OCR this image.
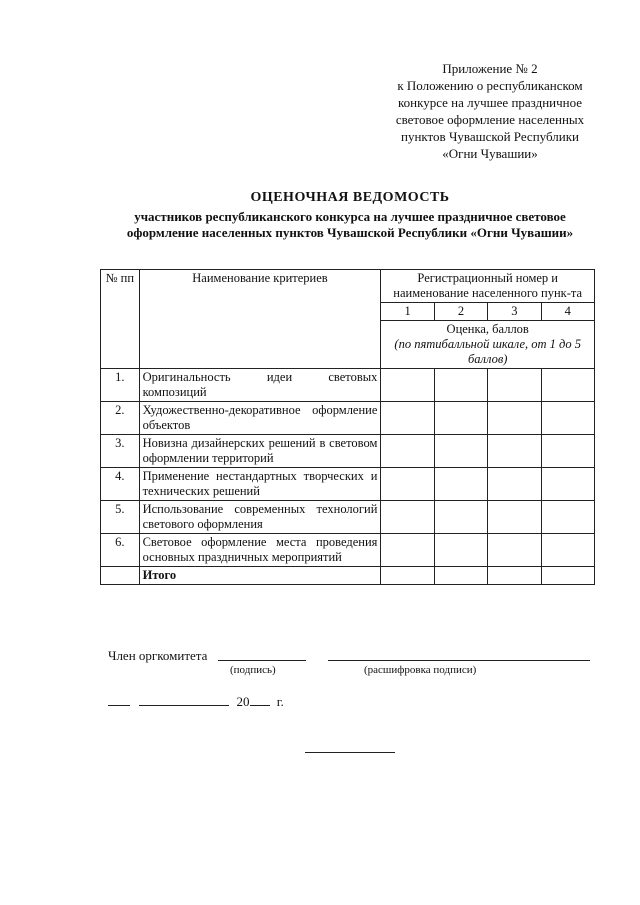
Приложение № 2
к Положению о республиканском
конкурсе на лучшее праздничное
световое оформление населенных
пунктов Чувашской Республики
«Огни Чувашии»
ОЦЕНОЧНАЯ ВЕДОМОСТЬ
участников республиканского конкурса на лучшее праздничное световое
оформление населенных пунктов Чувашской Республики «Огни Чувашии»
№ пп	Наименование критериев	Регистрационный номер и наименование населенного пунк-та			
		1	2	3	4

		Оценка, баллов
(по пятибалльной шкале, от 1 до 5 баллов)			

1.	Оригинальность идеи световых композиций				
2.	Художественно-декоративное оформление объектов				
3.	Новизна дизайнерских решений в световом оформлении территорий				
4.	Применение нестандартных творческих и технических решений				
5.	Использование современных технологий светового оформления				
6.	Световое оформление места проведения основных праздничных мероприятий				
	Итого				
Член оргкомитета
(подпись)	(расшифровка подписи)
20 г.
